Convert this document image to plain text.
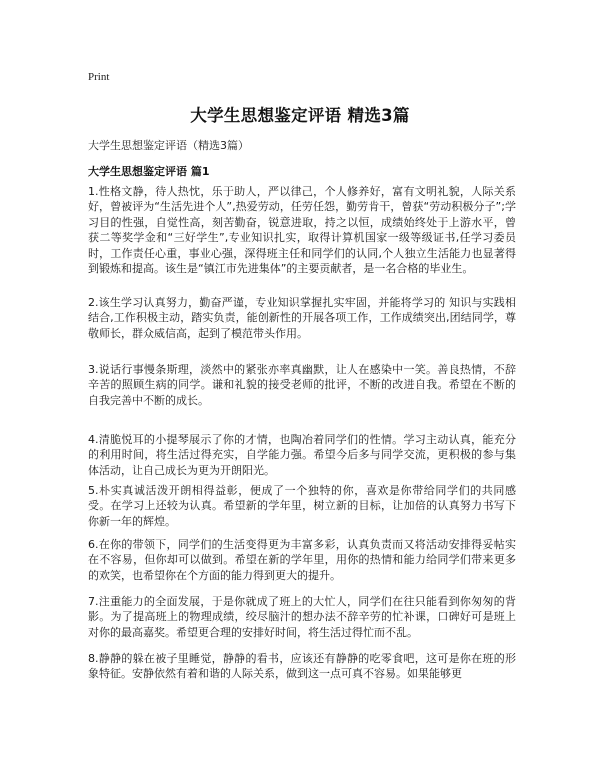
Print
大学生思想鉴定评语 精选3篇
大学生思想鉴定评语（精选3篇）
大学生思想鉴定评语 篇1
1.性格文静，待人热忱，乐于助人，严以律己，个人修养好，富有文明礼貌，人际关系好，曾被评为“生活先进个人”,热爱劳动，任劳任怨，勤劳肯干，曾获“劳动积极分子”;学习目的性强，自觉性高，刻苦勤奋，锐意进取，持之以恒，成绩始终处于上游水平，曾获二等奖学金和“三好学生”,专业知识扎实，取得计算机国家一级等级证书,任学习委员时，工作责任心重，事业心强，深得班主任和同学们的认同,个人独立生活能力也显著得到锻炼和提高。该生是“镇江市先进集体”的主要贡献者，是一名合格的毕业生。
2.该生学习认真努力，勤奋严谨，专业知识掌握扎实牢固，并能将学习的 知识与实践相结合,工作积极主动，踏实负责，能创新性的开展各项工作，工作成绩突出,团结同学，尊敬师长，群众威信高，起到了模范带头作用。
3.说话行事慢条斯理，淡然中的紧张亦率真幽默，让人在感染中一笑。善良热情，不辞辛苦的照顾生病的同学。谦和礼貌的接受老师的批评，不断的改进自我。希望在不断的自我完善中不断的成长。
4.清脆悦耳的小提琴展示了你的才情，也陶冶着同学们的性情。学习主动认真，能充分的利用时间，将生活过得充实，自学能力强。希望今后多与同学交流，更积极的参与集体活动，让自己成长为更为开朗阳光。
5.朴实真诚活泼开朗相得益彰，便成了一个独特的你，喜欢是你带给同学们的共同感受。在学习上还较为认真。希望新的学年里，树立新的目标，让加倍的认真努力书写下你新一年的辉煌。
6.在你的带领下，同学们的生活变得更为丰富多彩，认真负责而又将活动安排得妥帖实在不容易，但你却可以做到。希望在新的学年里，用你的热情和能力给同学们带来更多的欢笑，也希望你在个方面的能力得到更大的提升。
7.注重能力的全面发展，于是你就成了班上的大忙人，同学们在往只能看到你匆匆的背影。为了提高班上的物理成绩，绞尽脑汁的想办法不辞辛劳的忙补课，口碑好可是班上对你的最高嘉奖。希望更合理的安排好时间，将生活过得忙而不乱。
8.静静的躲在被子里睡觉，静静的看书，应该还有静静的吃零食吧，这可是你在班的形象特征。安静依然有着和谐的人际关系，做到这一点可真不容易。如果能够更
